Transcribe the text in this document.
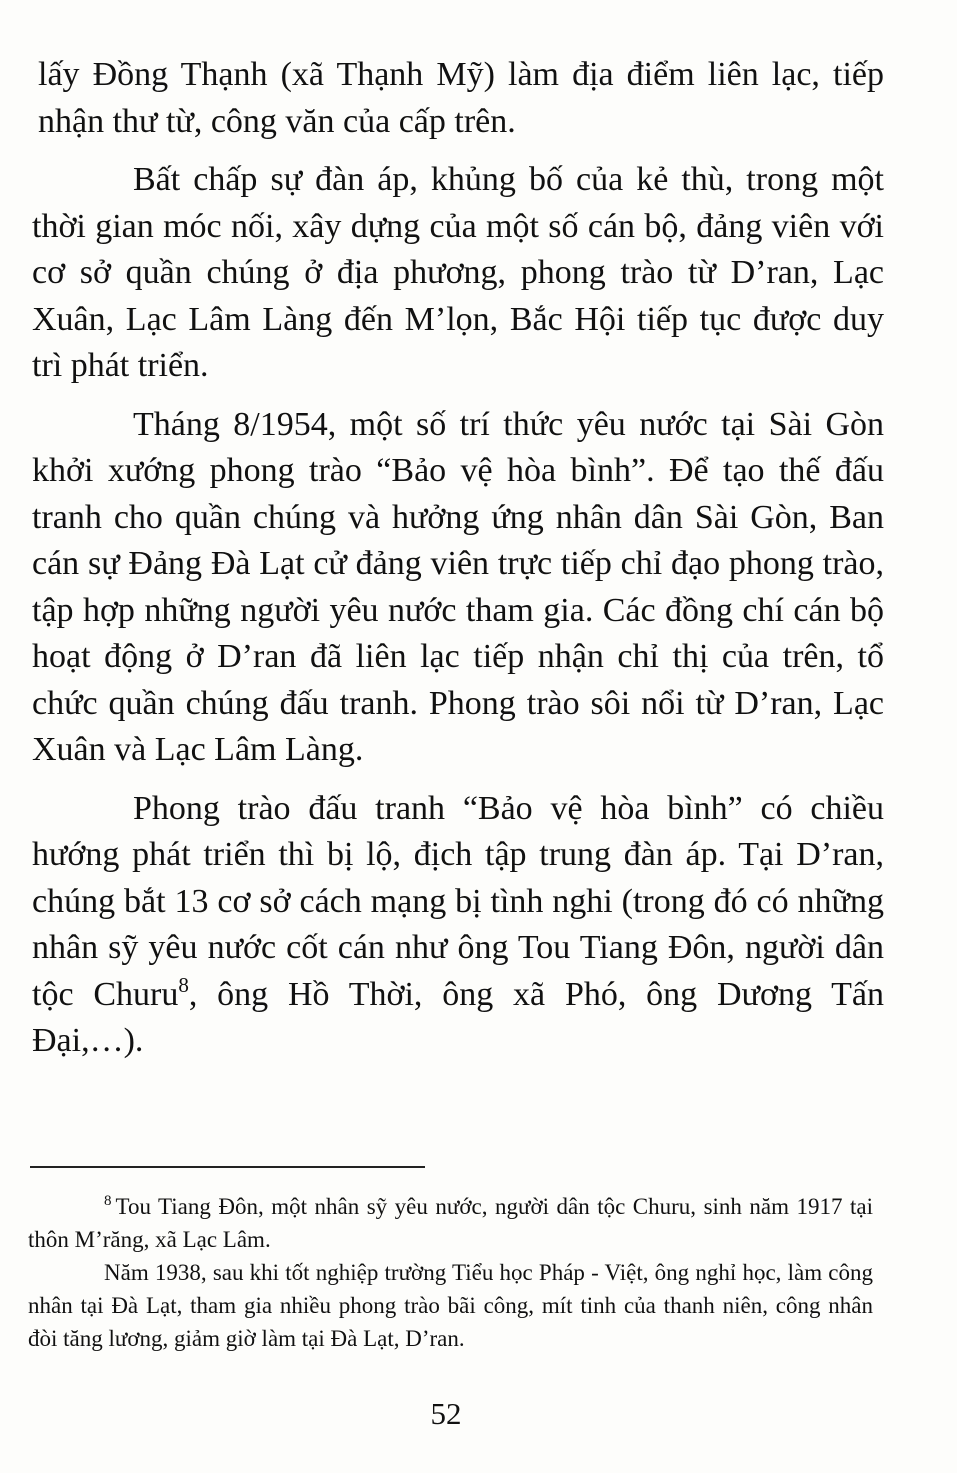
lấy Đồng Thạnh (xã Thạnh Mỹ) làm địa điểm liên lạc, tiếp nhận thư từ, công văn của cấp trên.

Bất chấp sự đàn áp, khủng bố của kẻ thù, trong một thời gian móc nối, xây dựng của một số cán bộ, đảng viên với cơ sở quần chúng ở địa phương, phong trào từ D’ran, Lạc Xuân, Lạc Lâm Làng đến M’lọn, Bắc Hội tiếp tục được duy trì phát triển.

Tháng 8/1954, một số trí thức yêu nước tại Sài Gòn khởi xướng phong trào “Bảo vệ hòa bình”. Để tạo thế đấu tranh cho quần chúng và hưởng ứng nhân dân Sài Gòn, Ban cán sự Đảng Đà Lạt cử đảng viên trực tiếp chỉ đạo phong trào, tập hợp những người yêu nước tham gia. Các đồng chí cán bộ hoạt động ở D’ran đã liên lạc tiếp nhận chỉ thị của trên, tổ chức quần chúng đấu tranh. Phong trào sôi nổi từ D’ran, Lạc Xuân và Lạc Lâm Làng.

Phong trào đấu tranh “Bảo vệ hòa bình” có chiều hướng phát triển thì bị lộ, địch tập trung đàn áp. Tại D’ran, chúng bắt 13 cơ sở cách mạng bị tình nghi (trong đó có những nhân sỹ yêu nước cốt cán như ông Tou Tiang Đôn, người dân tộc Churu$^8$, ông Hồ Thời, ông xã Phó, ông Dương Tấn Đại,…).

$^8$ Tou Tiang Đôn, một nhân sỹ yêu nước, người dân tộc Churu, sinh năm 1917 tại thôn M’răng, xã Lạc Lâm.

Năm 1938, sau khi tốt nghiệp trường Tiểu học Pháp - Việt, ông nghỉ học, làm công nhân tại Đà Lạt, tham gia nhiều phong trào bãi công, mít tinh của thanh niên, công nhân đòi tăng lương, giảm giờ làm tại Đà Lạt, D’ran.

52
